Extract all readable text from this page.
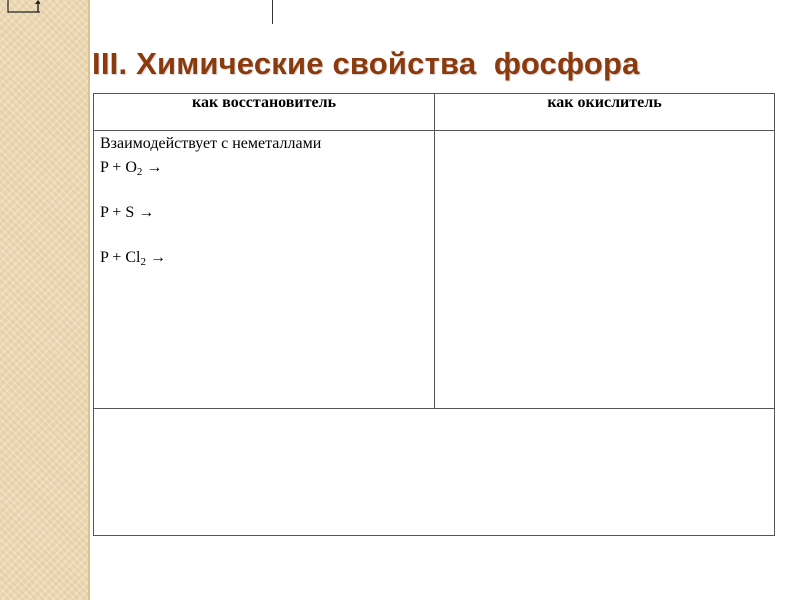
III. Химические свойства  фосфора
как восстановитель	как окислитель

Взаимодействует с неметаллами
$P + O_2$ →
P + S →
$P + Cl_2$ →	
